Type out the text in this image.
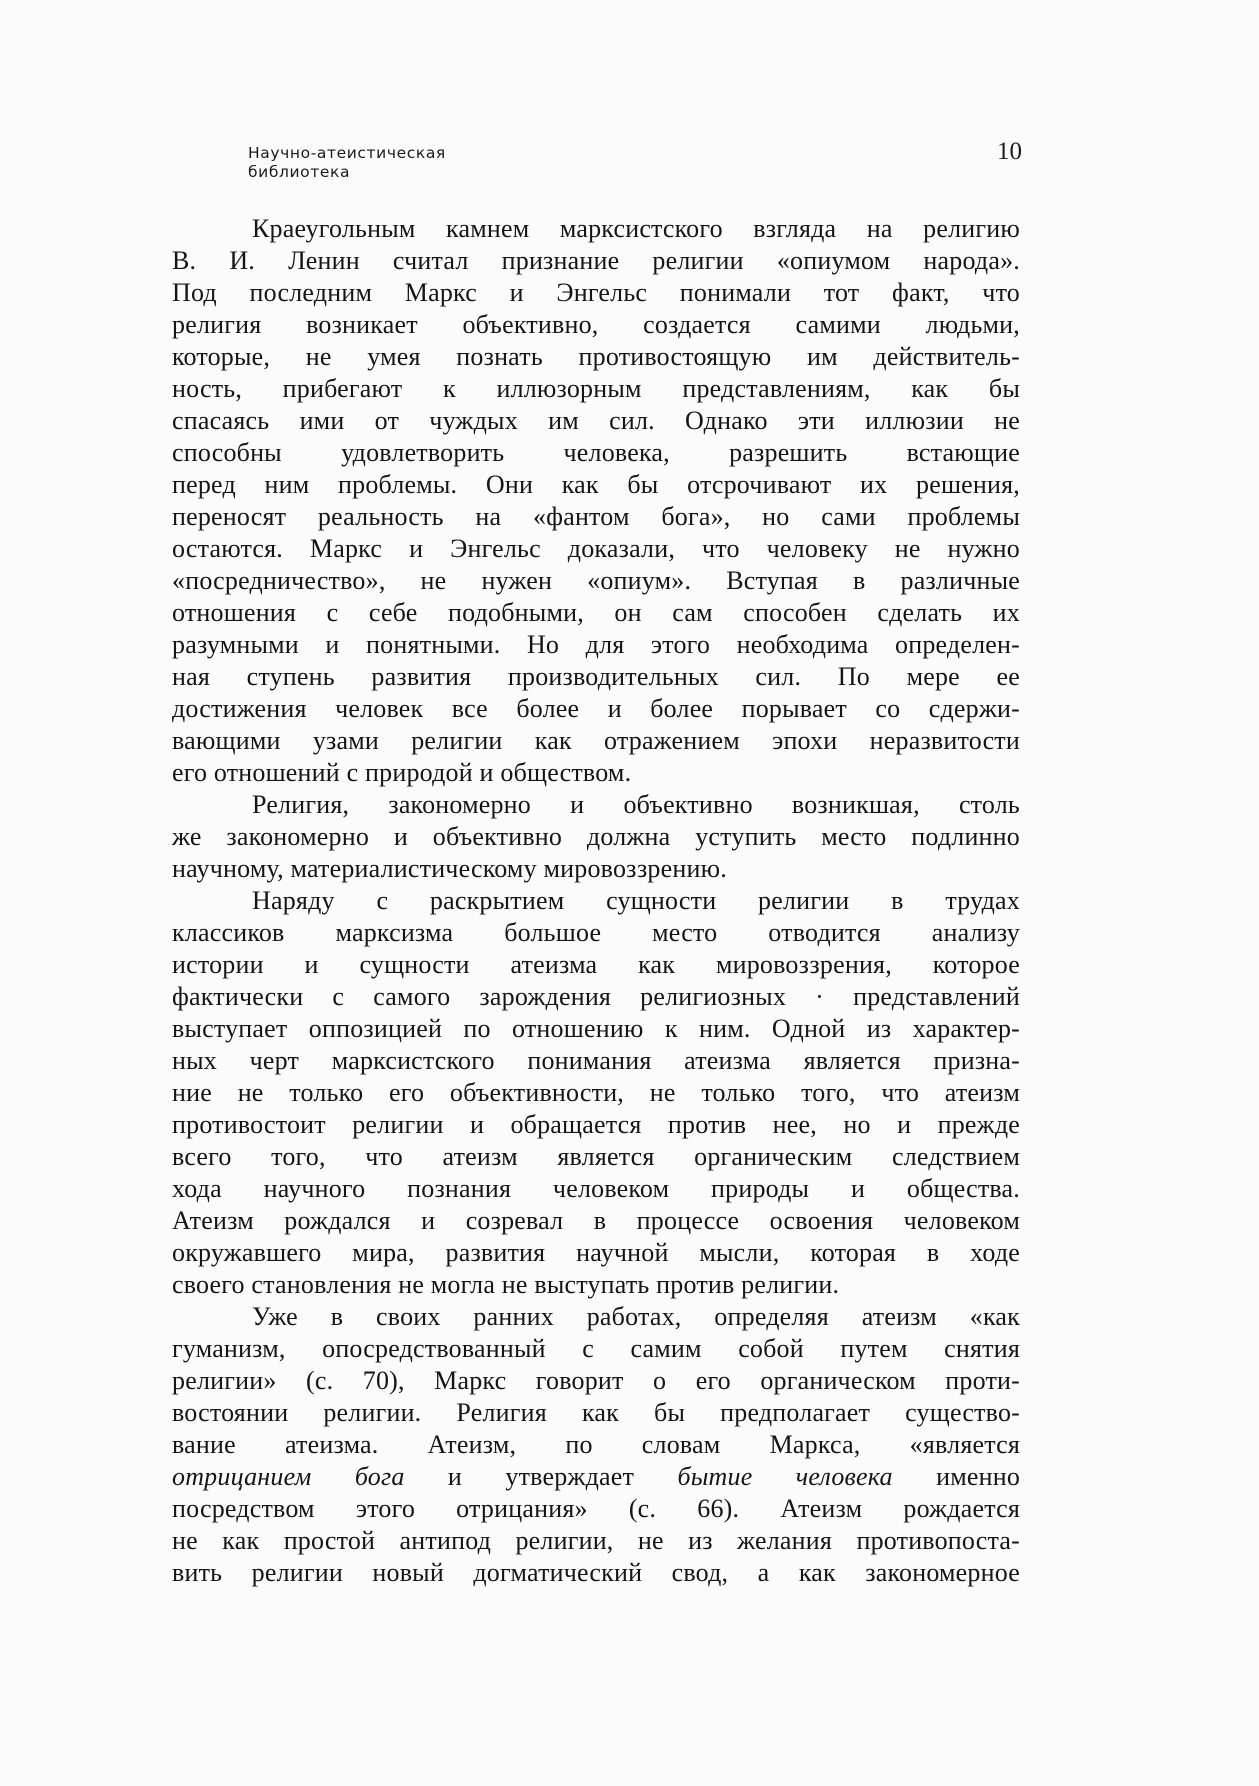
Научно-атеистическая
библиотека
10
Краеугольным камнем марксистского взгляда на религию
В. И. Ленин считал признание религии «опиумом народа».
Под последним Маркс и Энгельс понимали тот факт, что
религия возникает объективно, создается самими людьми,
которые, не умея познать противостоящую им действитель-
ность, прибегают к иллюзорным представлениям, как бы
спасаясь ими от чуждых им сил. Однако эти иллюзии не
способны удовлетворить человека, разрешить встающие
перед ним проблемы. Они как бы отсрочивают их решения,
переносят реальность на «фантом бога», но сами проблемы
остаются. Маркс и Энгельс доказали, что человеку не нужно
«посредничество», не нужен «опиум». Вступая в различные
отношения с себе подобными, он сам способен сделать их
разумными и понятными. Но для этого необходима определен-
ная ступень развития производительных сил. По мере ее
достижения человек все более и более порывает со сдержи-
вающими узами религии как отражением эпохи неразвитости
его отношений с природой и обществом.
Религия, закономерно и объективно возникшая, столь
же закономерно и объективно должна уступить место подлинно
научному, материалистическому мировоззрению.
Наряду с раскрытием сущности религии в трудах
классиков марксизма большое место отводится анализу
истории и сущности атеизма как мировоззрения, которое
фактически с самого зарождения религиозных · представлений
выступает оппозицией по отношению к ним. Одной из характер-
ных черт марксистского понимания атеизма является призна-
ние не только его объективности, не только того, что атеизм
противостоит религии и обращается против нее, но и прежде
всего того, что атеизм является органическим следствием
хода научного познания человеком природы и общества.
Атеизм рождался и созревал в процессе освоения человеком
окружавшего мира, развития научной мысли, которая в ходе
своего становления не могла не выступать против религии.
Уже в своих ранних работах, определяя атеизм «как
гуманизм, опосредствованный с самим собой путем снятия
религии» (с. 70), Маркс говорит о его органическом проти-
востоянии религии. Религия как бы предполагает существо-
вание атеизма. Атеизм, по словам Маркса, «является
отрицанием бога и утверждает бытие человека именно
посредством этого отрицания» (с. 66). Атеизм рождается
не как простой антипод религии, не из желания противопоста-
вить религии новый догматический свод, а как закономерное
